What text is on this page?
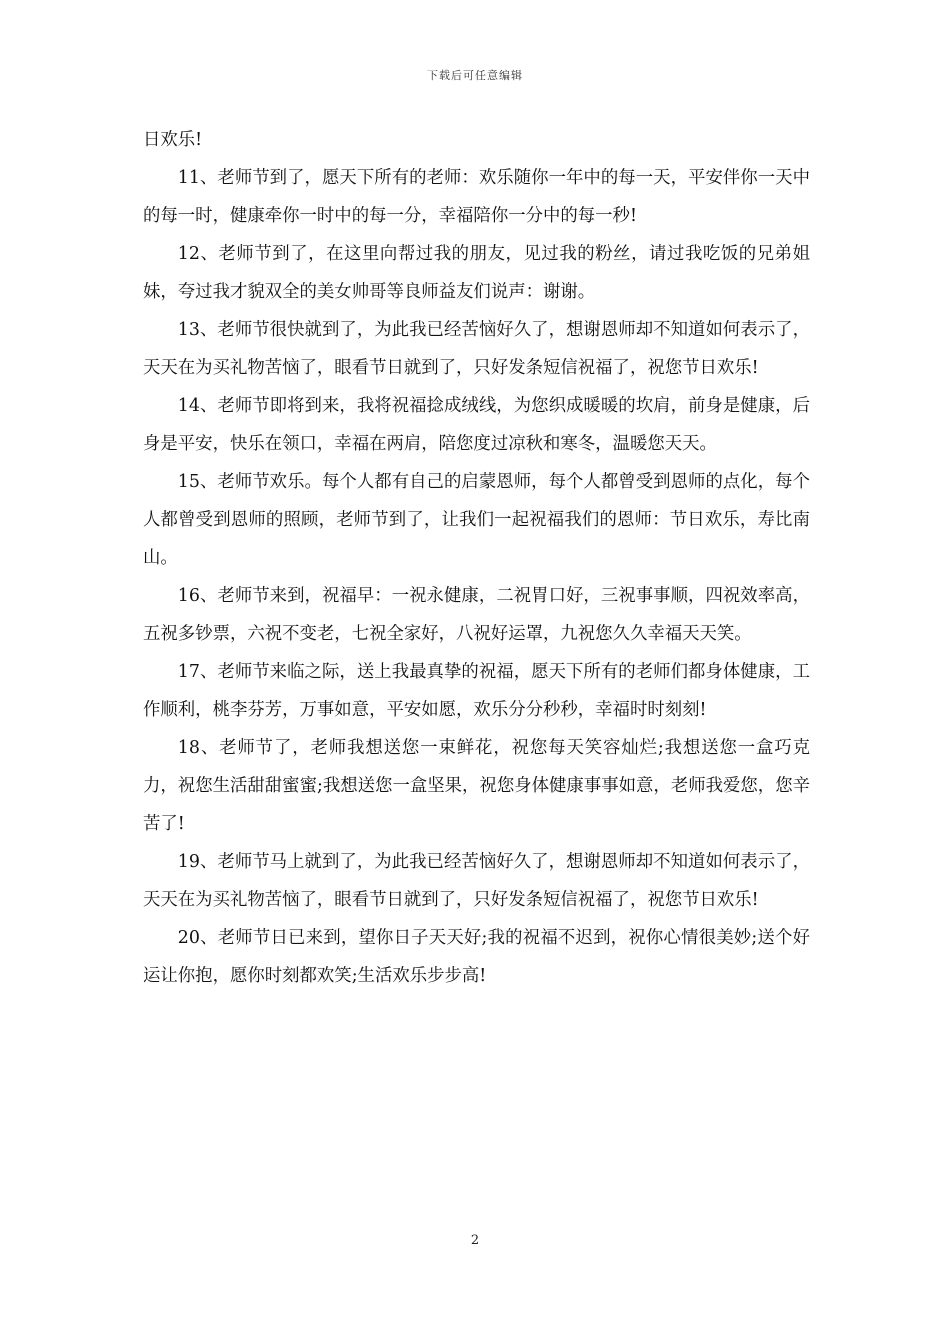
下载后可任意编辑

日欢乐!

11、老师节到了，愿天下所有的老师：欢乐随你一年中的每一天，平安伴你一天中的每一时，健康牵你一时中的每一分，幸福陪你一分中的每一秒!

12、老师节到了，在这里向帮过我的朋友，见过我的粉丝，请过我吃饭的兄弟姐妹，夸过我才貌双全的美女帅哥等良师益友们说声：谢谢。

13、老师节很快就到了，为此我已经苦恼好久了，想谢恩师却不知道如何表示了，天天在为买礼物苦恼了，眼看节日就到了，只好发条短信祝福了，祝您节日欢乐!

14、老师节即将到来，我将祝福捻成绒线，为您织成暖暖的坎肩，前身是健康，后身是平安，快乐在领口，幸福在两肩，陪您度过凉秋和寒冬，温暖您天天。

15、老师节欢乐。每个人都有自己的启蒙恩师，每个人都曾受到恩师的点化，每个人都曾受到恩师的照顾，老师节到了，让我们一起祝福我们的恩师：节日欢乐，寿比南山。

16、老师节来到，祝福早：一祝永健康，二祝胃口好，三祝事事顺，四祝效率高，五祝多钞票，六祝不变老，七祝全家好，八祝好运罩，九祝您久久幸福天天笑。

17、老师节来临之际，送上我最真挚的祝福，愿天下所有的老师们都身体健康，工作顺利，桃李芬芳，万事如意，平安如愿，欢乐分分秒秒，幸福时时刻刻!

18、老师节了，老师我想送您一束鲜花，祝您每天笑容灿烂;我想送您一盒巧克力，祝您生活甜甜蜜蜜;我想送您一盒坚果，祝您身体健康事事如意，老师我爱您，您辛苦了!

19、老师节马上就到了，为此我已经苦恼好久了，想谢恩师却不知道如何表示了，天天在为买礼物苦恼了，眼看节日就到了，只好发条短信祝福了，祝您节日欢乐!

20、老师节日已来到，望你日子天天好;我的祝福不迟到，祝你心情很美妙;送个好运让你抱，愿你时刻都欢笑;生活欢乐步步高!

2
